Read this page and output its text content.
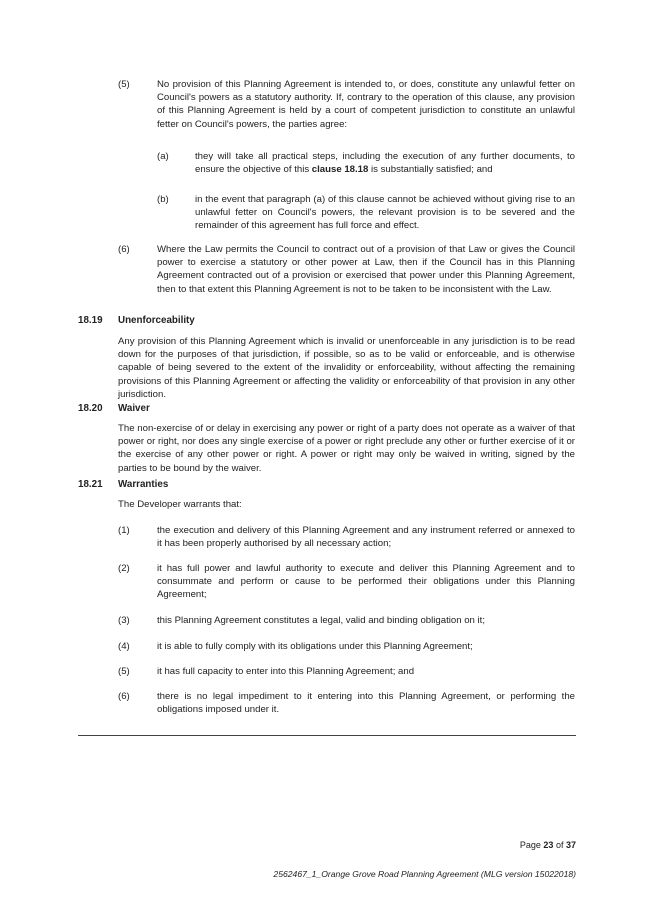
(5)	No provision of this Planning Agreement is intended to, or does, constitute any unlawful fetter on Council's powers as a statutory authority. If, contrary to the operation of this clause, any provision of this Planning Agreement is held by a court of competent jurisdiction to constitute an unlawful fetter on Council's powers, the parties agree:
(a)	they will take all practical steps, including the execution of any further documents, to ensure the objective of this clause 18.18 is substantially satisfied; and
(b)	in the event that paragraph (a) of this clause cannot be achieved without giving rise to an unlawful fetter on Council's powers, the relevant provision is to be severed and the remainder of this agreement has full force and effect.
(6)	Where the Law permits the Council to contract out of a provision of that Law or gives the Council power to exercise a statutory or other power at Law, then if the Council has in this Planning Agreement contracted out of a provision or exercised that power under this Planning Agreement, then to that extent this Planning Agreement is not to be taken to be inconsistent with the Law.
18.19 Unenforceability
Any provision of this Planning Agreement which is invalid or unenforceable in any jurisdiction is to be read down for the purposes of that jurisdiction, if possible, so as to be valid or enforceable, and is otherwise capable of being severed to the extent of the invalidity or enforceability, without affecting the remaining provisions of this Planning Agreement or affecting the validity or enforceability of that provision in any other jurisdiction.
18.20 Waiver
The non-exercise of or delay in exercising any power or right of a party does not operate as a waiver of that power or right, nor does any single exercise of a power or right preclude any other or further exercise of it or the exercise of any other power or right. A power or right may only be waived in writing, signed by the parties to be bound by the waiver.
18.21 Warranties
The Developer warrants that:
(1)	the execution and delivery of this Planning Agreement and any instrument referred or annexed to it has been properly authorised by all necessary action;
(2)	it has full power and lawful authority to execute and deliver this Planning Agreement and to consummate and perform or cause to be performed their obligations under this Planning Agreement;
(3)	this Planning Agreement constitutes a legal, valid and binding obligation on it;
(4)	it is able to fully comply with its obligations under this Planning Agreement;
(5)	it has full capacity to enter into this Planning Agreement; and
(6)	there is no legal impediment to it entering into this Planning Agreement, or performing the obligations imposed under it.
Page 23 of 37
2562467_1_Orange Grove Road Planning Agreement (MLG version 15022018)
